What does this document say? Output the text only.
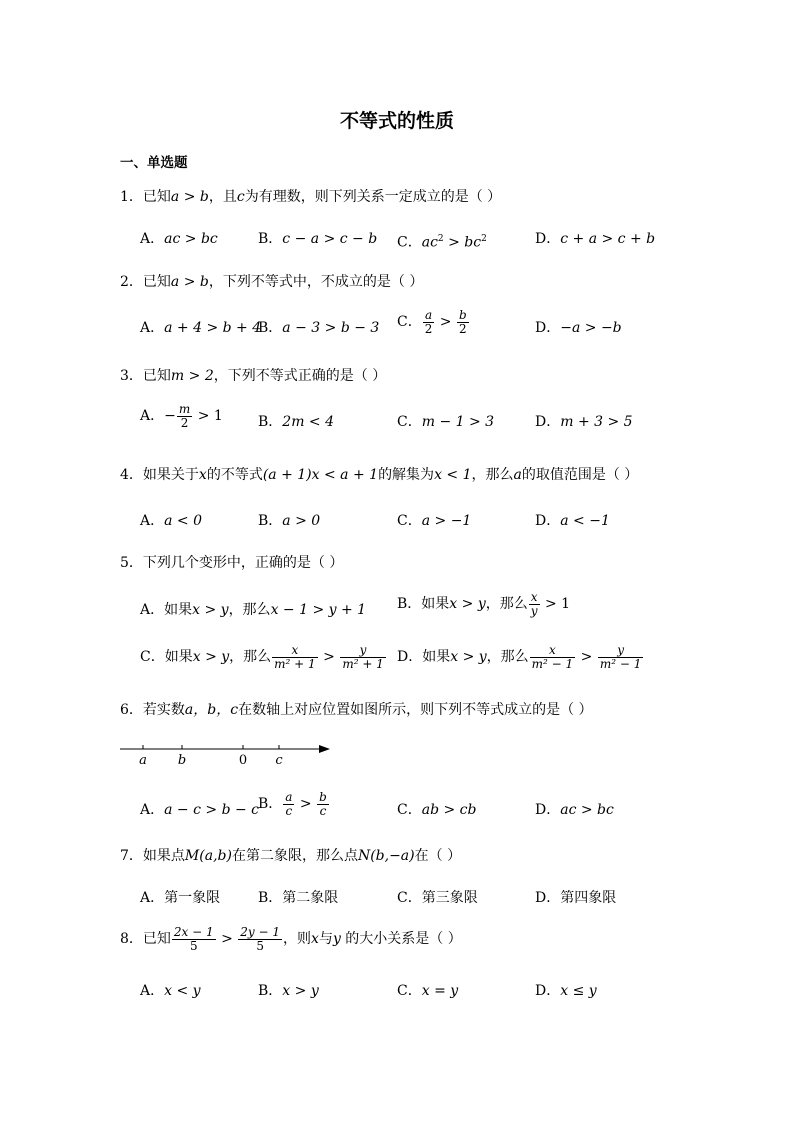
不等式的性质
一、单选题
1．已知a > b，且c为有理数，则下列关系一定成立的是（ ）
A．ac > bc	B．c − a > c − b C．$ac^2 > bc^2$	D．c + a > c + b
2．已知a > b，下列不等式中，不成立的是（ ）
A．a + 4 > b + 4
B．a − 3 > b − 3 C． $\frac{a}{2} > \frac{b}{2}$	D．−a > −b
3．已知m > 2，下列不等式正确的是（ ）
A．− $\frac{m}{2} > 1$	B．2m < 4	C．m − 1 > 3	D．m + 3 > 5
4．如果关于x的不等式(a + 1)x < a + 1的解集为x < 1，那么a的取值范围是（ ）
A．a < 0	B．a > 0	C．a > −1	D．a < −1
5．下列几个变形中，正确的是（ ）
A．如果x > y，那么x − 1 > y + 1 B．如果x > y，那么 $\frac{x}{y} > 1$
C．如果x > y，那么 $\frac{x}{\text{m² + 1}} > \frac{y}{\text{m² + 1}}$ D．如果x > y，那么 $\frac{x}{\text{m² − 1}} > \frac{y}{\text{m² − 1}}$
6．若实数a，b，c在数轴上对应位置如图所示，则下列不等式成立的是（ ）
a b	0 c
A．a − c > b − c
B． $\frac{a}{c} > \frac{b}{c}$	C．ab > cb	D．ac > bc
7．如果点M(a,b)在第二象限，那么点N(b,−a)在（ ）
A．第一象限	B．第二象限	C．第三象限	D．第四象限
8．已知 $\frac{2x - 1}{5} > \frac{2y - 1}{5}$ ，则x与y 的大小关系是（ ）
A．x < y	B．x > y	C．x = y	D．x ≤ y
